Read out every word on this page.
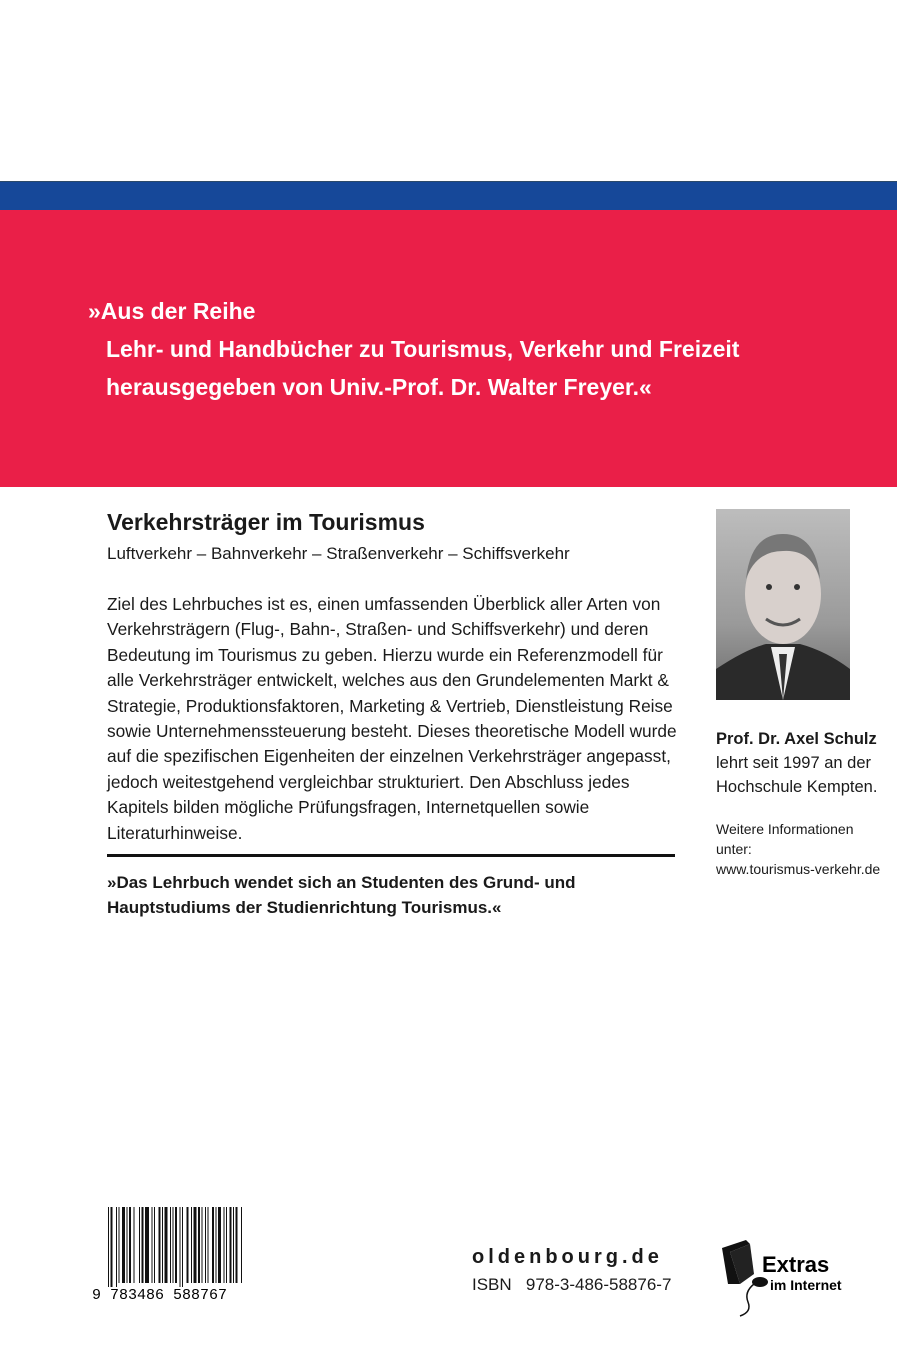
»Aus der Reihe
Lehr- und Handbücher zu Tourismus, Verkehr und Freizeit
herausgegeben von Univ.-Prof. Dr. Walter Freyer.«
Verkehrsträger im Tourismus
Luftverkehr – Bahnverkehr – Straßenverkehr – Schiffsverkehr
Ziel des Lehrbuches ist es, einen umfassenden Überblick aller Arten von Verkehrsträgern (Flug-, Bahn-, Straßen- und Schiffsverkehr) und deren Bedeutung im Tourismus zu geben. Hierzu wurde ein Referenzmodell für alle Verkehrsträger entwickelt, welches aus den Grundelementen Markt & Strategie, Produktionsfaktoren, Marketing & Vertrieb, Dienstleistung Reise sowie Unternehmenssteuerung besteht. Dieses theoretische Modell wurde auf die spezifischen Eigenheiten der einzelnen Verkehrsträger angepasst, jedoch weitestgehend vergleichbar strukturiert. Den Abschluss jedes Kapitels bilden mögliche Prüfungsfragen, Internetquellen sowie Literaturhinweise.
»Das Lehrbuch wendet sich an Studenten des Grund- und Hauptstudiums der Studienrichtung Tourismus.«
Prof. Dr. Axel Schulz
lehrt seit 1997 an der
Hochschule Kempten.
Weitere Informationen
unter:
www.tourismus-verkehr.de
9 783486 588767
oldenbourg.de
ISBN 978-3-486-58876-7
Extras
im Internet
